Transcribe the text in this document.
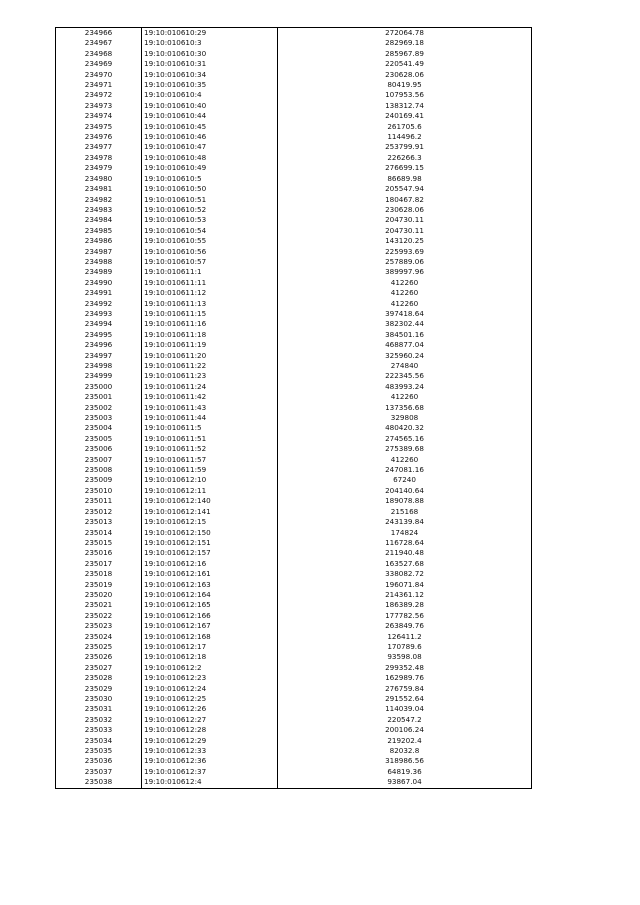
234966	19:10:010610:29	272064.78
234967	19:10:010610:3	282969.18
234968	19:10:010610:30	285967.89
234969	19:10:010610:31	220541.49
234970	19:10:010610:34	230628.06
234971	19:10:010610:35	80419.95
234972	19:10:010610:4	107953.56
234973	19:10:010610:40	138312.74
234974	19:10:010610:44	240169.41
234975	19:10:010610:45	261705.6
234976	19:10:010610:46	114496.2
234977	19:10:010610:47	253799.91
234978	19:10:010610:48	226266.3
234979	19:10:010610:49	276699.15
234980	19:10:010610:5	86689.98
234981	19:10:010610:50	205547.94
234982	19:10:010610:51	180467.82
234983	19:10:010610:52	230628.06
234984	19:10:010610:53	204730.11
234985	19:10:010610:54	204730.11
234986	19:10:010610:55	143120.25
234987	19:10:010610:56	225993.69
234988	19:10:010610:57	257889.06
234989	19:10:010611:1	389997.96
234990	19:10:010611:11	412260
234991	19:10:010611:12	412260
234992	19:10:010611:13	412260
234993	19:10:010611:15	397418.64
234994	19:10:010611:16	382302.44
234995	19:10:010611:18	384501.16
234996	19:10:010611:19	468877.04
234997	19:10:010611:20	325960.24
234998	19:10:010611:22	274840
234999	19:10:010611:23	222345.56
235000	19:10:010611:24	483993.24
235001	19:10:010611:42	412260
235002	19:10:010611:43	137356.68
235003	19:10:010611:44	329808
235004	19:10:010611:5	480420.32
235005	19:10:010611:51	274565.16
235006	19:10:010611:52	275389.68
235007	19:10:010611:57	412260
235008	19:10:010611:59	247081.16
235009	19:10:010612:10	67240
235010	19:10:010612:11	204140.64
235011	19:10:010612:140	189078.88
235012	19:10:010612:141	215168
235013	19:10:010612:15	243139.84
235014	19:10:010612:150	174824
235015	19:10:010612:151	116728.64
235016	19:10:010612:157	211940.48
235017	19:10:010612:16	163527.68
235018	19:10:010612:161	338082.72
235019	19:10:010612:163	196071.84
235020	19:10:010612:164	214361.12
235021	19:10:010612:165	186389.28
235022	19:10:010612:166	177782.56
235023	19:10:010612:167	263849.76
235024	19:10:010612:168	126411.2
235025	19:10:010612:17	170789.6
235026	19:10:010612:18	93598.08
235027	19:10:010612:2	299352.48
235028	19:10:010612:23	162989.76
235029	19:10:010612:24	276759.84
235030	19:10:010612:25	291552.64
235031	19:10:010612:26	114039.04
235032	19:10:010612:27	220547.2
235033	19:10:010612:28	200106.24
235034	19:10:010612:29	219202.4
235035	19:10:010612:33	82032.8
235036	19:10:010612:36	318986.56
235037	19:10:010612:37	64819.36
235038	19:10:010612:4	93867.04
